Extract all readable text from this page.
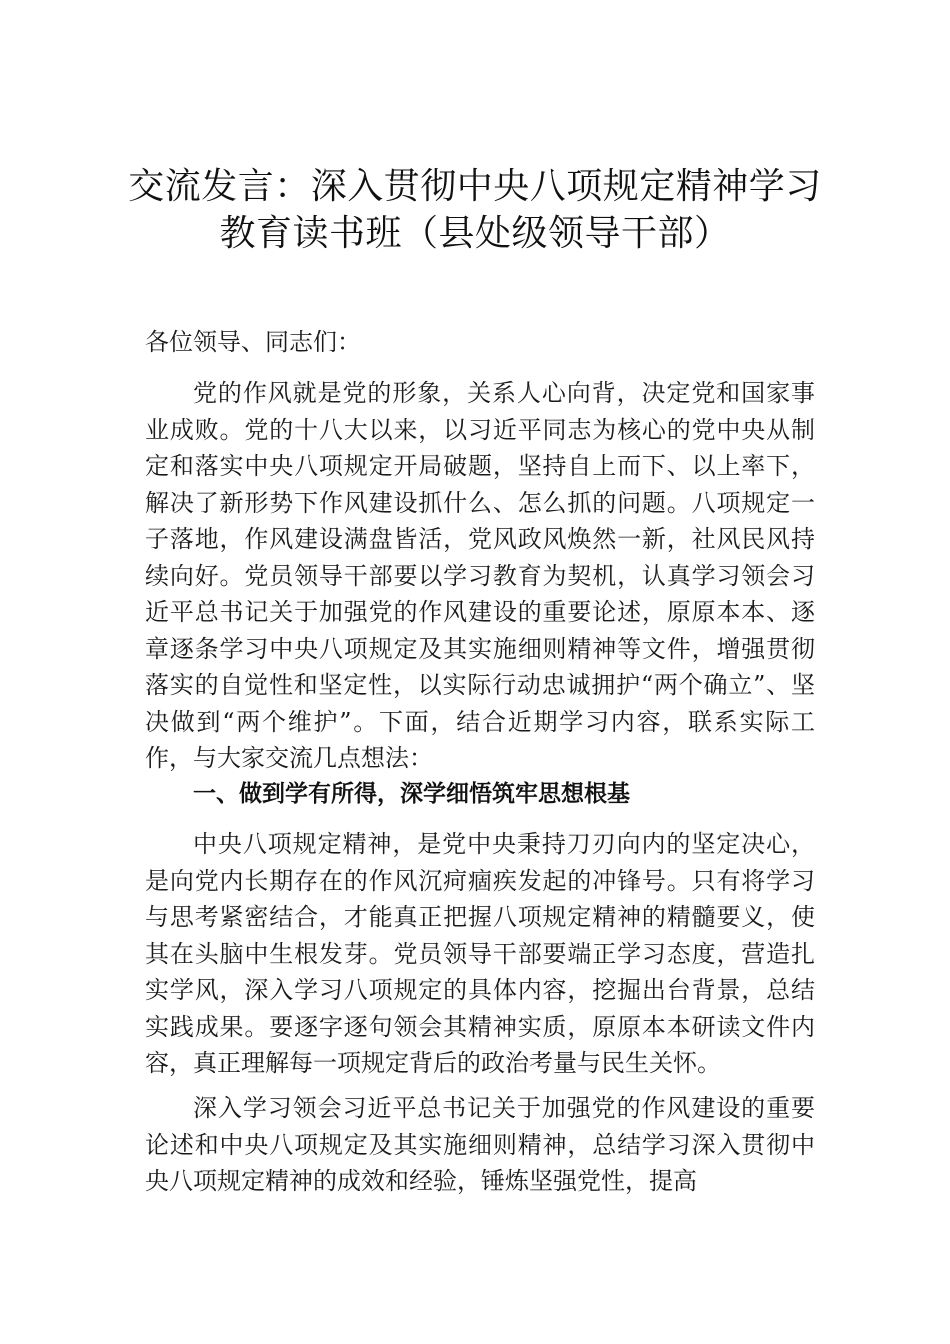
交流发言：深入贯彻中央八项规定精神学习
教育读书班（县处级领导干部）

各位领导、同志们：

党的作风就是党的形象，关系人心向背，决定党和国家事业成败。党的十八大以来，以习近平同志为核心的党中央从制定和落实中央八项规定开局破题，坚持自上而下、以上率下，解决了新形势下作风建设抓什么、怎么抓的问题。八项规定一子落地，作风建设满盘皆活，党风政风焕然一新，社风民风持续向好。党员领导干部要以学习教育为契机，认真学习领会习近平总书记关于加强党的作风建设的重要论述，原原本本、逐章逐条学习中央八项规定及其实施细则精神等文件，增强贯彻落实的自觉性和坚定性，以实际行动忠诚拥护“两个确立”、坚决做到“两个维护”。下面，结合近期学习内容，联系实际工作，与大家交流几点想法：

一、做到学有所得，深学细悟筑牢思想根基

中央八项规定精神，是党中央秉持刀刃向内的坚定决心，是向党内长期存在的作风沉疴痼疾发起的冲锋号。只有将学习与思考紧密结合，才能真正把握八项规定精神的精髓要义，使其在头脑中生根发芽。党员领导干部要端正学习态度，营造扎实学风，深入学习八项规定的具体内容，挖掘出台背景，总结实践成果。要逐字逐句领会其精神实质，原原本本研读文件内容，真正理解每一项规定背后的政治考量与民生关怀。

深入学习领会习近平总书记关于加强党的作风建设的重要论述和中央八项规定及其实施细则精神，总结学习深入贯彻中央八项规定精神的成效和经验，锤炼坚强党性，提高
